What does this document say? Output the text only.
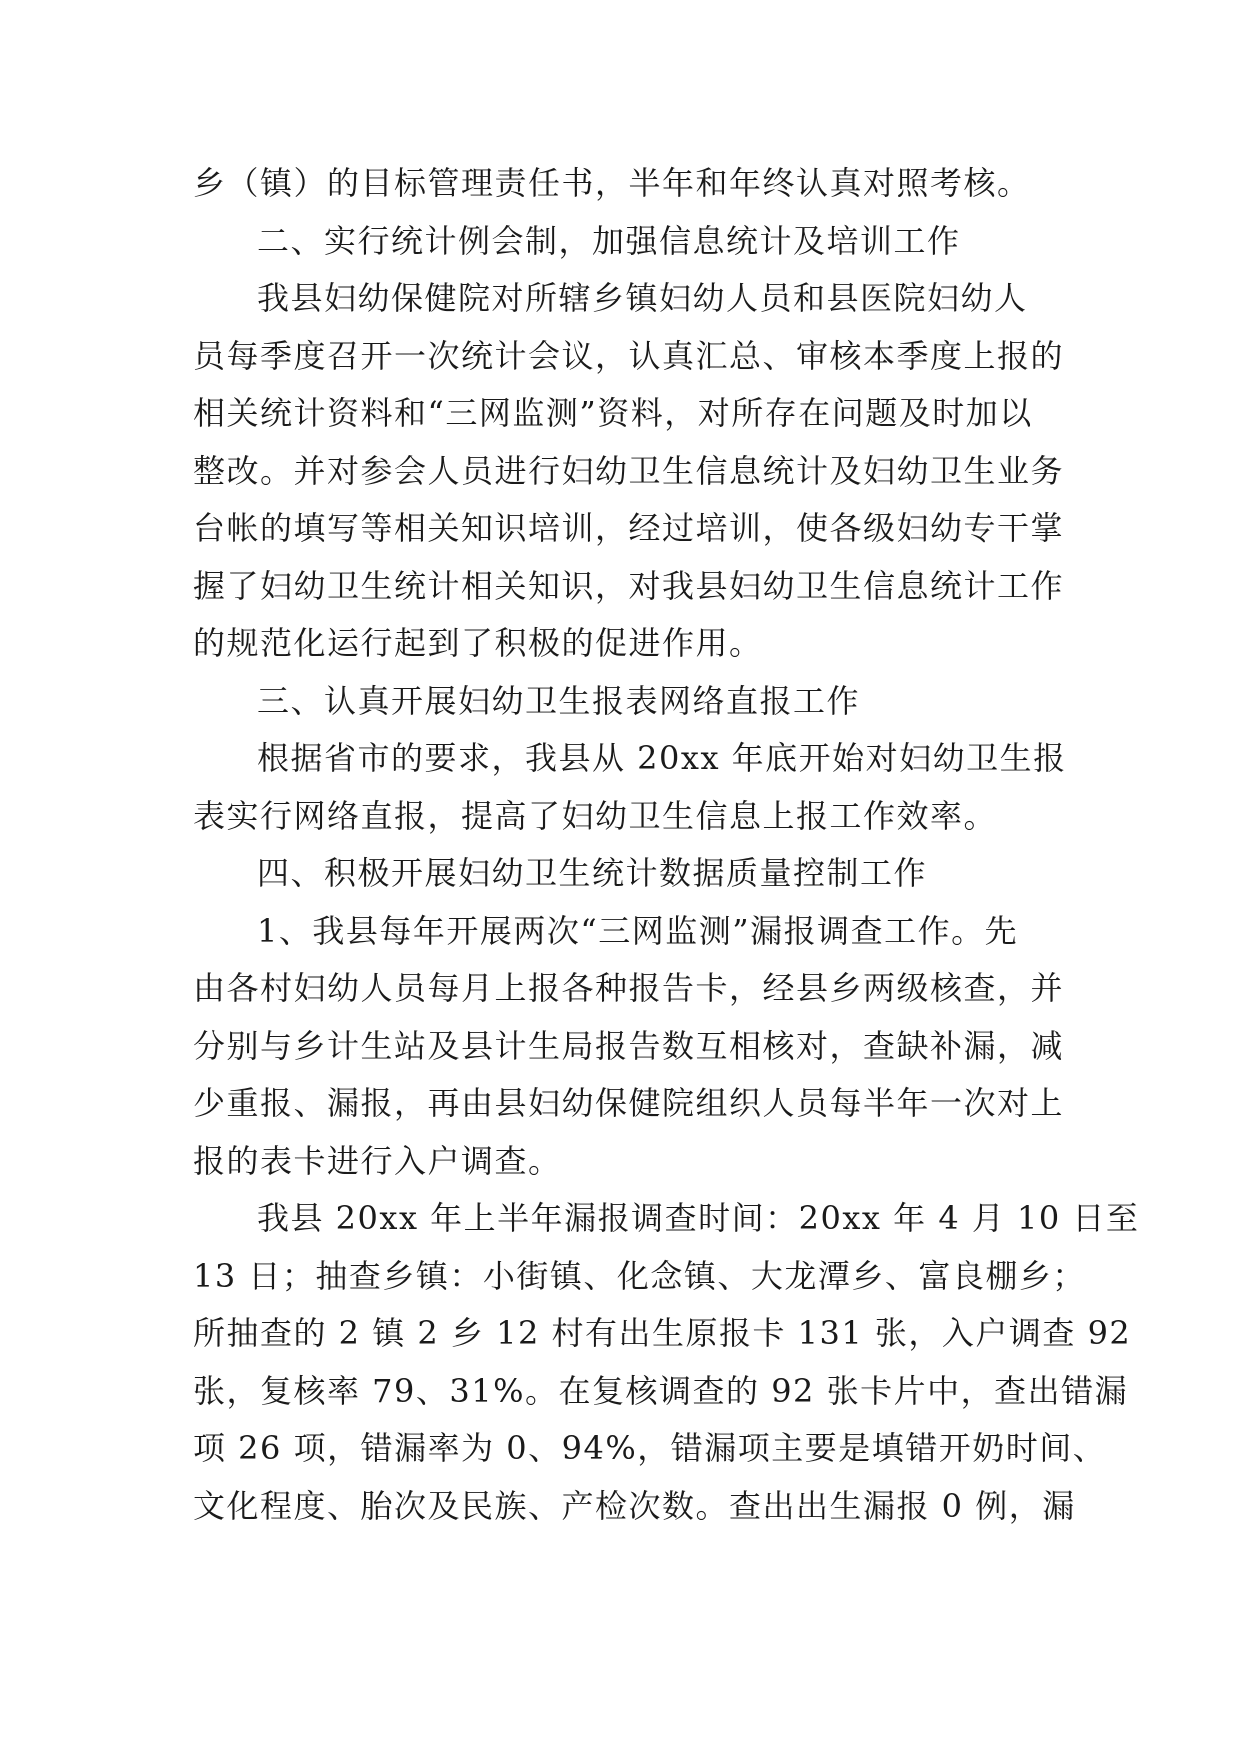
乡（镇）的目标管理责任书，半年和年终认真对照考核。
二、实行统计例会制，加强信息统计及培训工作
我县妇幼保健院对所辖乡镇妇幼人员和县医院妇幼人
员每季度召开一次统计会议，认真汇总、审核本季度上报的
相关统计资料和“三网监测”资料，对所存在问题及时加以
整改。并对参会人员进行妇幼卫生信息统计及妇幼卫生业务
台帐的填写等相关知识培训，经过培训，使各级妇幼专干掌
握了妇幼卫生统计相关知识，对我县妇幼卫生信息统计工作
的规范化运行起到了积极的促进作用。
三、认真开展妇幼卫生报表网络直报工作
根据省市的要求，我县从 20xx 年底开始对妇幼卫生报
表实行网络直报，提高了妇幼卫生信息上报工作效率。
四、积极开展妇幼卫生统计数据质量控制工作
1、我县每年开展两次“三网监测”漏报调查工作。先
由各村妇幼人员每月上报各种报告卡，经县乡两级核查，并
分别与乡计生站及县计生局报告数互相核对，查缺补漏，减
少重报、漏报，再由县妇幼保健院组织人员每半年一次对上
报的表卡进行入户调查。
我县 20xx 年上半年漏报调查时间：20xx 年 4 月 10 日至
13 日；抽查乡镇：小街镇、化念镇、大龙潭乡、富良棚乡；
所抽查的 2 镇 2 乡 12 村有出生原报卡 131 张，入户调查 92
张，复核率 79、31%。在复核调查的 92 张卡片中，查出错漏
项 26 项，错漏率为 0、94%，错漏项主要是填错开奶时间、
文化程度、胎次及民族、产检次数。查出出生漏报 0 例，漏
